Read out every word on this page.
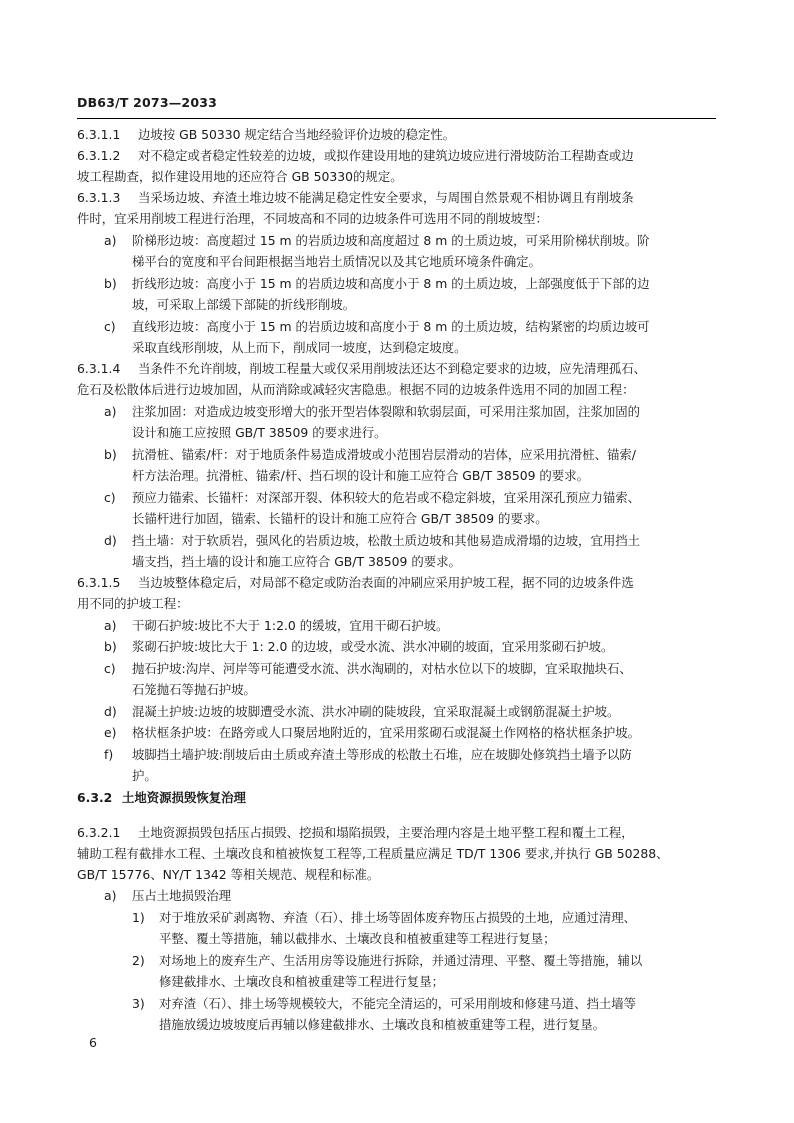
DB63/T 2073—2033
6.3.1.1 边坡按 GB 50330 规定结合当地经验评价边坡的稳定性。
6.3.1.2 对不稳定或者稳定性较差的边坡，或拟作建设用地的建筑边坡应进行滑坡防治工程勘查或边
坡工程勘查，拟作建设用地的还应符合 GB 50330的规定。
6.3.1.3 当采场边坡、弃渣土堆边坡不能满足稳定性安全要求，与周围自然景观不相协调且有削坡条
件时，宜采用削坡工程进行治理，不同坡高和不同的边坡条件可选用不同的削坡坡型：
a) 阶梯形边坡：高度超过 15 m 的岩质边坡和高度超过 8 m 的土质边坡，可采用阶梯状削坡。阶
梯平台的宽度和平台间距根据当地岩土质情况以及其它地质环境条件确定。
b) 折线形边坡：高度小于 15 m 的岩质边坡和高度小于 8 m 的土质边坡，上部强度低于下部的边
坡，可采取上部缓下部陡的折线形削坡。
c) 直线形边坡：高度小于 15 m 的岩质边坡和高度小于 8 m 的土质边坡，结构紧密的均质边坡可
采取直线形削坡，从上而下，削成同一坡度，达到稳定坡度。
6.3.1.4 当条件不允许削坡，削坡工程量大或仅采用削坡法还达不到稳定要求的边坡，应先清理孤石、
危石及松散体后进行边坡加固，从而消除或减轻灾害隐患。根据不同的边坡条件选用不同的加固工程：
a) 注浆加固：对造成边坡变形增大的张开型岩体裂隙和软弱层面，可采用注浆加固，注浆加固的
设计和施工应按照 GB/T 38509 的要求进行。
b) 抗滑桩、锚索/杆：对于地质条件易造成滑坡或小范围岩层滑动的岩体，应采用抗滑桩、锚索/
杆方法治理。抗滑桩、锚索/杆、挡石坝的设计和施工应符合 GB/T 38509 的要求。
c) 预应力锚索、长锚杆：对深部开裂、体积较大的危岩或不稳定斜坡，宜采用深孔预应力锚索、
长锚杆进行加固，锚索、长锚杆的设计和施工应符合 GB/T 38509 的要求。
d) 挡土墙：对于软质岩，强风化的岩质边坡，松散土质边坡和其他易造成滑塌的边坡，宜用挡土
墙支挡，挡土墙的设计和施工应符合 GB/T 38509 的要求。
6.3.1.5 当边坡整体稳定后，对局部不稳定或防治表面的冲刷应采用护坡工程，据不同的边坡条件选
用不同的护坡工程：
a) 干砌石护坡:坡比不大于 1:2.0 的缓坡，宜用干砌石护坡。
b) 浆砌石护坡:坡比大于 1: 2.0 的边坡，或受水流、洪水冲刷的坡面，宜采用浆砌石护坡。
c) 抛石护坡:沟岸、河岸等可能遭受水流、洪水淘刷的，对枯水位以下的坡脚，宜采取抛块石、
石笼抛石等抛石护坡。
d) 混凝土护坡:边坡的坡脚遭受水流、洪水冲刷的陡坡段，宜采取混凝土或钢筋混凝土护坡。
e) 格状框条护坡：在路旁或人口聚居地附近的，宜采用浆砌石或混凝土作网格的格状框条护坡。
f) 坡脚挡土墙护坡:削坡后由土质或弃渣土等形成的松散土石堆，应在坡脚处修筑挡土墙予以防
护。
6.3.2 土地资源损毁恢复治理
6.3.2.1 土地资源损毁包括压占损毁、挖损和塌陷损毁，主要治理内容是土地平整工程和覆土工程，
辅助工程有截排水工程、土壤改良和植被恢复工程等,工程质量应满足 TD/T 1306 要求,并执行 GB 50288、
GB/T 15776、NY/T 1342 等相关规范、规程和标准。
a) 压占土地损毁治理
1) 对于堆放采矿剥离物、弃渣（石）、排土场等固体废弃物压占损毁的土地，应通过清理、
平整、覆土等措施，辅以截排水、土壤改良和植被重建等工程进行复垦；
2) 对场地上的废弃生产、生活用房等设施进行拆除，并通过清理、平整、覆土等措施，辅以
修建截排水、土壤改良和植被重建等工程进行复垦；
3) 对弃渣（石）、排土场等规模较大，不能完全清运的，可采用削坡和修建马道、挡土墙等
措施放缓边坡坡度后再辅以修建截排水、土壤改良和植被重建等工程，进行复垦。
6
